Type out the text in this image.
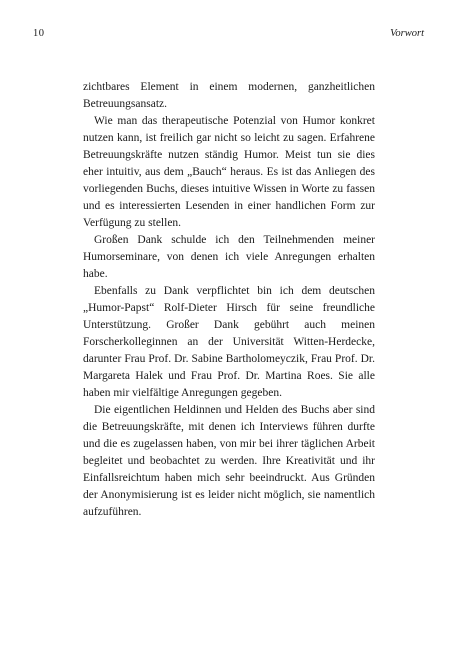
10	Vorwort

zichtbares Element in einem modernen, ganzheitlichen Betreuungsansatz.

Wie man das therapeutische Potenzial von Humor konkret nutzen kann, ist freilich gar nicht so leicht zu sagen. Erfahrene Betreuungskräfte nutzen ständig Humor. Meist tun sie dies eher intuitiv, aus dem „Bauch“ heraus. Es ist das Anliegen des vorliegenden Buchs, dieses intuitive Wissen in Worte zu fassen und es interessierten Lesenden in einer handlichen Form zur Verfügung zu stellen.

Großen Dank schulde ich den Teilnehmenden meiner Humorseminare, von denen ich viele Anregungen erhalten habe.

Ebenfalls zu Dank verpflichtet bin ich dem deutschen „Humor-Papst“ Rolf-Dieter Hirsch für seine freundliche Unterstützung. Großer Dank gebührt auch meinen Forscherkolleginnen an der Universität Witten-Herdecke, darunter Frau Prof. Dr. Sabine Bartholomeyczik, Frau Prof. Dr. Margareta Halek und Frau Prof. Dr. Martina Roes. Sie alle haben mir vielfältige Anregungen gegeben.

Die eigentlichen Heldinnen und Helden des Buchs aber sind die Betreuungskräfte, mit denen ich Interviews führen durfte und die es zugelassen haben, von mir bei ihrer täglichen Arbeit begleitet und beobachtet zu werden. Ihre Kreativität und ihr Einfallsreichtum haben mich sehr beeindruckt. Aus Gründen der Anonymisierung ist es leider nicht möglich, sie namentlich aufzuführen.
